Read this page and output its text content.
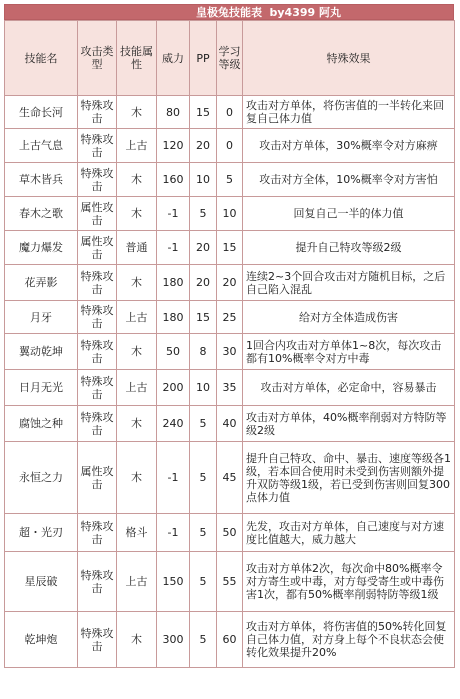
皇极兔技能表 by4399 阿丸
技能名	攻击类型	技能属性	威力	PP	学习等级	特殊效果
生命长河	特殊攻击	木	80	15	0	攻击对方单体，将伤害值的一半转化来回复自己体力值
上古气息	特殊攻击	上古	120	20	0	攻击对方单体，30%概率令对方麻痹
草木皆兵	特殊攻击	木	160	10	5	攻击对方全体，10%概率令对方害怕
春木之歌	属性攻击	木	-1	5	10	回复自己一半的体力值
魔力爆发	属性攻击	普通	-1	20	15	提升自己特攻等级2级
花弄影	特殊攻击	木	180	20	20	连续2~3个回合攻击对方随机目标，之后自己陷入混乱
月牙	特殊攻击	上古	180	15	25	给对方全体造成伤害
翼动乾坤	特殊攻击	木	50	8	30	1回合内攻击对方单体1~8次，每次攻击都有10%概率令对方中毒
日月无光	特殊攻击	上古	200	10	35	攻击对方单体，必定命中，容易暴击
腐蚀之种	特殊攻击	木	240	5	40	攻击对方单体，40%概率削弱对方特防等级2级
永恒之力	属性攻击	木	-1	5	45	提升自己特攻、命中、暴击、速度等级各1级，若本回合使用时未受到伤害则额外提升双防等级1级，若已受到伤害则回复300点体力值
超・光刃	特殊攻击	格斗	-1	5	50	先发，攻击对方单体，自己速度与对方速度比值越大，威力越大
星辰破	特殊攻击	上古	150	5	55	攻击对方单体2次，每次命中80%概率令对方寄生或中毒，对方每受寄生或中毒伤害1次，都有50%概率削弱特防等级1级
乾坤炮	特殊攻击	木	300	5	60	攻击对方单体，将伤害值的50%转化回复自己体力值，对方身上每个不良状态会使转化效果提升20%
